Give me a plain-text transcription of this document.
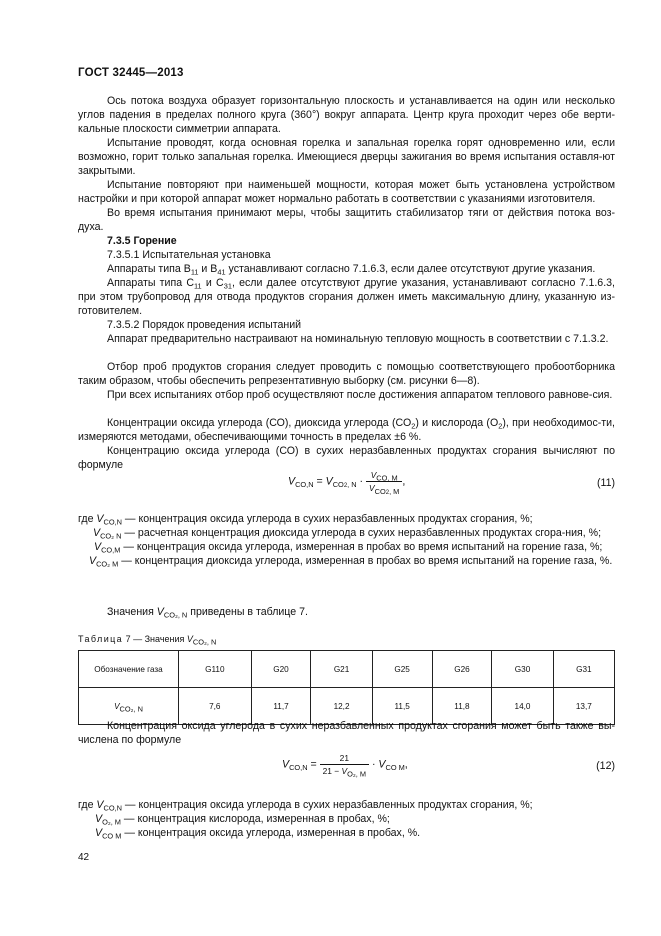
ГОСТ 32445—2013
Ось потока воздуха образует горизонтальную плоскость и устанавливается на один или несколько углов падения в пределах полного круга (360°) вокруг аппарата. Центр круга проходит через обе верти-кальные плоскости симметрии аппарата.
Испытание проводят, когда основная горелка и запальная горелка горят одновременно или, если возможно, горит только запальная горелка. Имеющиеся дверцы зажигания во время испытания оставля-ют закрытыми.
Испытание повторяют при наименьшей мощности, которая может быть установлена устройством настройки и при которой аппарат может нормально работать в соответствии с указаниями изготовителя.
Во время испытания принимают меры, чтобы защитить стабилизатор тяги от действия потока воз-духа.
7.3.5 Горение
7.3.5.1 Испытательная установка
Аппараты типа $В_{11}$ и $В_{41}$ устанавливают согласно 7.1.6.3, если далее отсутствуют другие указания.
Аппараты типа $С_{11}$ и $С_{31}$, если далее отсутствуют другие указания, устанавливают согласно 7.1.6.3, при этом трубопровод для отвода продуктов сгорания должен иметь максимальную длину, указанную из-готовителем.
7.3.5.2 Порядок проведения испытаний
Аппарат предварительно настраивают на номинальную тепловую мощность в соответствии с 7.1.3.2.
Отбор проб продуктов сгорания следует проводить с помощью соответствующего пробоотборника таким образом, чтобы обеспечить репрезентативную выборку (см. рисунки 6—8).
При всех испытаниях отбор проб осуществляют после достижения аппаратом теплового равнове-сия.
Концентрации оксида углерода (СО), диоксида углерода $(СО_2)$ и кислорода $(О_2)$, при необходимос-ти, измеряются методами, обеспечивающими точность в пределах ±6 %.
Концентрацию оксида углерода (СО) в сухих неразбавленных продуктах сгорания вычисляют по формуле
$V_{CO,N} = V_{CO2, N} \cdot \frac{\text{VCO, M}}{\text{VCO2, M}}$ ,	(11)
где $V_{CO,N}$ — концентрация оксида углерода в сухих неразбавленных продуктах сгорания, %;
$V_{CO_2 N}$ — расчетная концентрация диоксида углерода в сухих неразбавленных продуктах сгора-ния, %;
$V_{CO,M}$ — концентрация оксида углерода, измеренная в пробах во время испытаний на горение газа, %;
$V_{CO_2 M}$ — концентрация диоксида углерода, измеренная в пробах во время испытаний на горение газа, %.
Значения $V_{CO_2, N}$ приведены в таблице 7.
Таблица 7 — Значения $V_{CO_2, N}$
Обозначение газа	G110	G20	G21	G25	G26	G30	G31
VCO₂, N	7,6	11,7	12,2	11,5	11,8	14,0	13,7
Концентрация оксида углерода в сухих неразбавленных продуктах сгорания может быть также вы-числена по формуле
$V_{CO,N} = \frac{21}{\text{21 − VO₂, M}} \cdot V_{CO M}$,	(12)
где $V_{CO,N}$ — концентрация оксида углерода в сухих неразбавленных продуктах сгорания, %;
$V_{O_2, M}$ — концентрация кислорода, измеренная в пробах, %;
$V_{CO M}$ — концентрация оксида углерода, измеренная в пробах, %.
42
